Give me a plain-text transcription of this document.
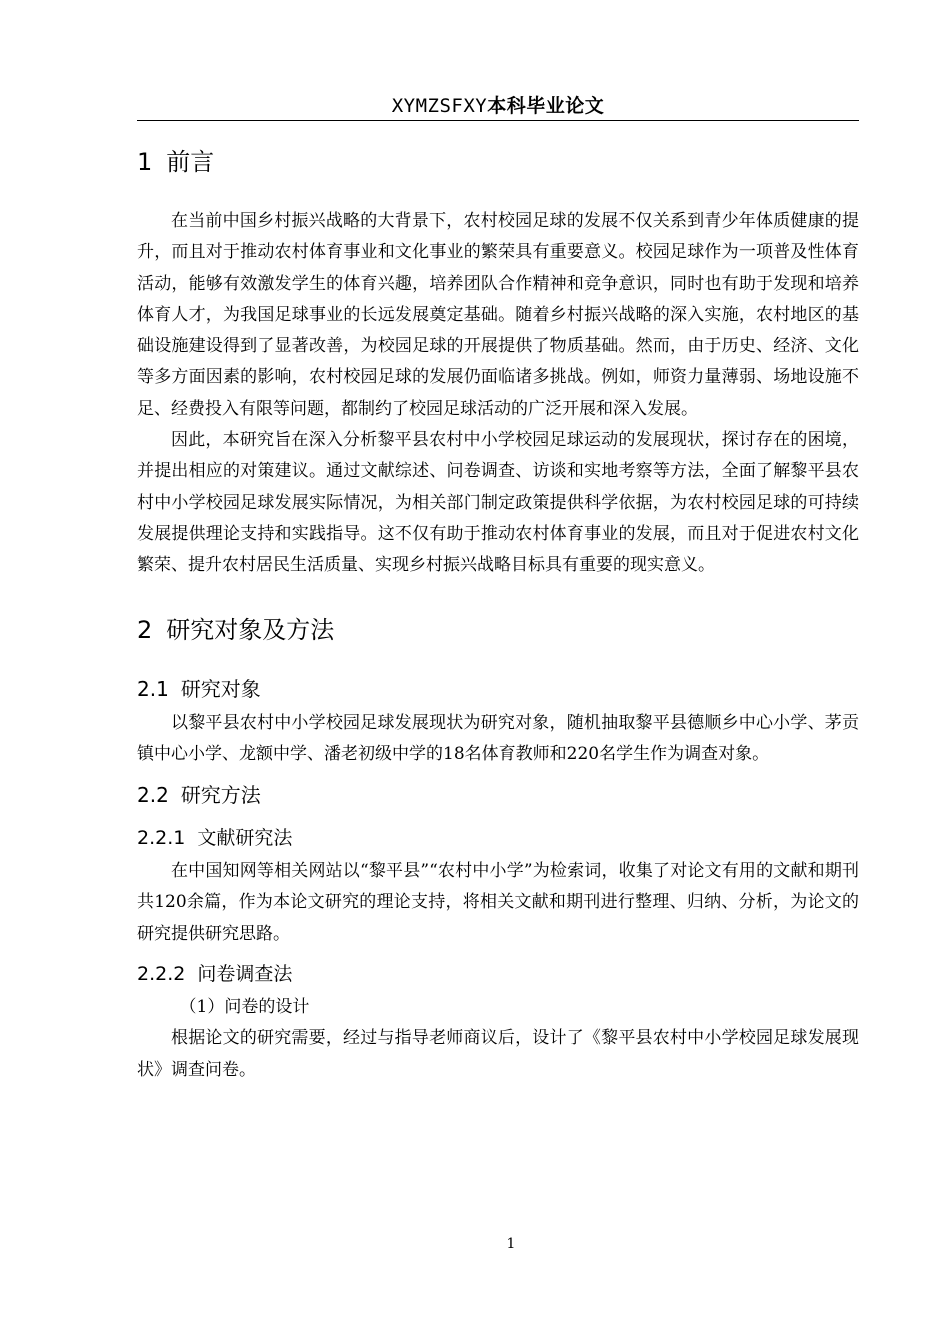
XYMZSFXY本科毕业论文
1 前言

在当前中国乡村振兴战略的大背景下，农村校园足球的发展不仅关系到青少年体质健康的提升，而且对于推动农村体育事业和文化事业的繁荣具有重要意义。校园足球作为一项普及性体育活动，能够有效激发学生的体育兴趣，培养团队合作精神和竞争意识，同时也有助于发现和培养体育人才，为我国足球事业的长远发展奠定基础。随着乡村振兴战略的深入实施，农村地区的基础设施建设得到了显著改善，为校园足球的开展提供了物质基础。然而，由于历史、经济、文化等多方面因素的影响，农村校园足球的发展仍面临诸多挑战。例如，师资力量薄弱、场地设施不足、经费投入有限等问题，都制约了校园足球活动的广泛开展和深入发展。

因此，本研究旨在深入分析黎平县农村中小学校园足球运动的发展现状，探讨存在的困境，并提出相应的对策建议。通过文献综述、问卷调查、访谈和实地考察等方法，全面了解黎平县农村中小学校园足球发展实际情况，为相关部门制定政策提供科学依据，为农村校园足球的可持续发展提供理论支持和实践指导。这不仅有助于推动农村体育事业的发展，而且对于促进农村文化繁荣、提升农村居民生活质量、实现乡村振兴战略目标具有重要的现实意义。

2 研究对象及方法
2.1 研究对象

以黎平县农村中小学校园足球发展现状为研究对象，随机抽取黎平县德顺乡中心小学、茅贡镇中心小学、龙额中学、潘老初级中学的18名体育教师和220名学生作为调查对象。

2.2 研究方法
2.2.1 文献研究法

在中国知网等相关网站以“黎平县”“农村中小学”为检索词，收集了对论文有用的文献和期刊共120余篇，作为本论文研究的理论支持，将相关文献和期刊进行整理、归纳、分析，为论文的研究提供研究思路。

2.2.2 问卷调查法

（1）问卷的设计

根据论文的研究需要，经过与指导老师商议后，设计了《黎平县农村中小学校园足球发展现状》调查问卷。

1
